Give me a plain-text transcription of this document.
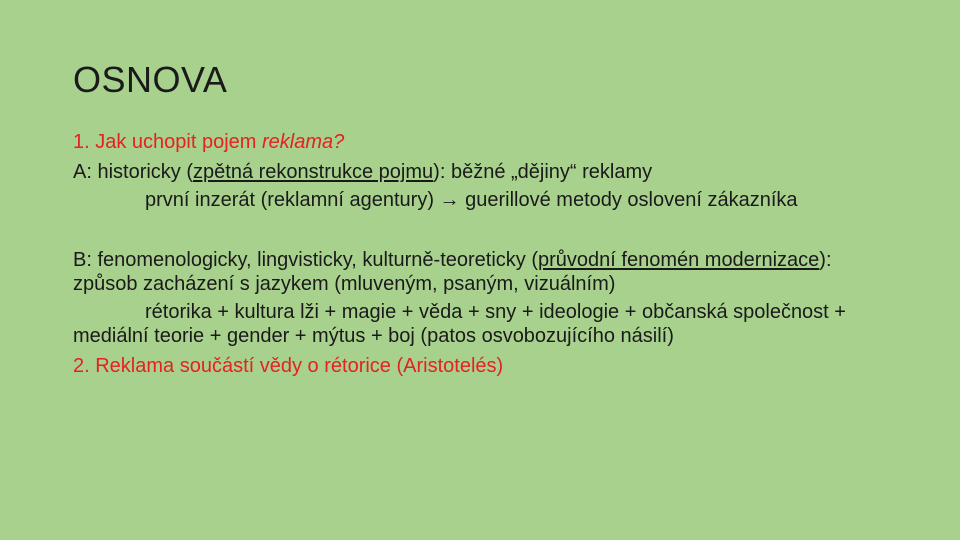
OSNOVA
1. Jak uchopit pojem reklama?
A: historicky (zpětná rekonstrukce pojmu): běžné „dějiny“ reklamy
první inzerát (reklamní agentury) → guerillové metody oslovení zákazníka
B: fenomenologicky, lingvisticky, kulturně-teoreticky (průvodní fenomén modernizace): způsob zacházení s jazykem (mluveným, psaným, vizuálním)
rétorika + kultura lži + magie + věda + sny + ideologie + občanská společnost + mediální teorie + gender + mýtus + boj (patos osvobozujícího násilí)
2. Reklama součástí vědy o rétorice (Aristotelés)
